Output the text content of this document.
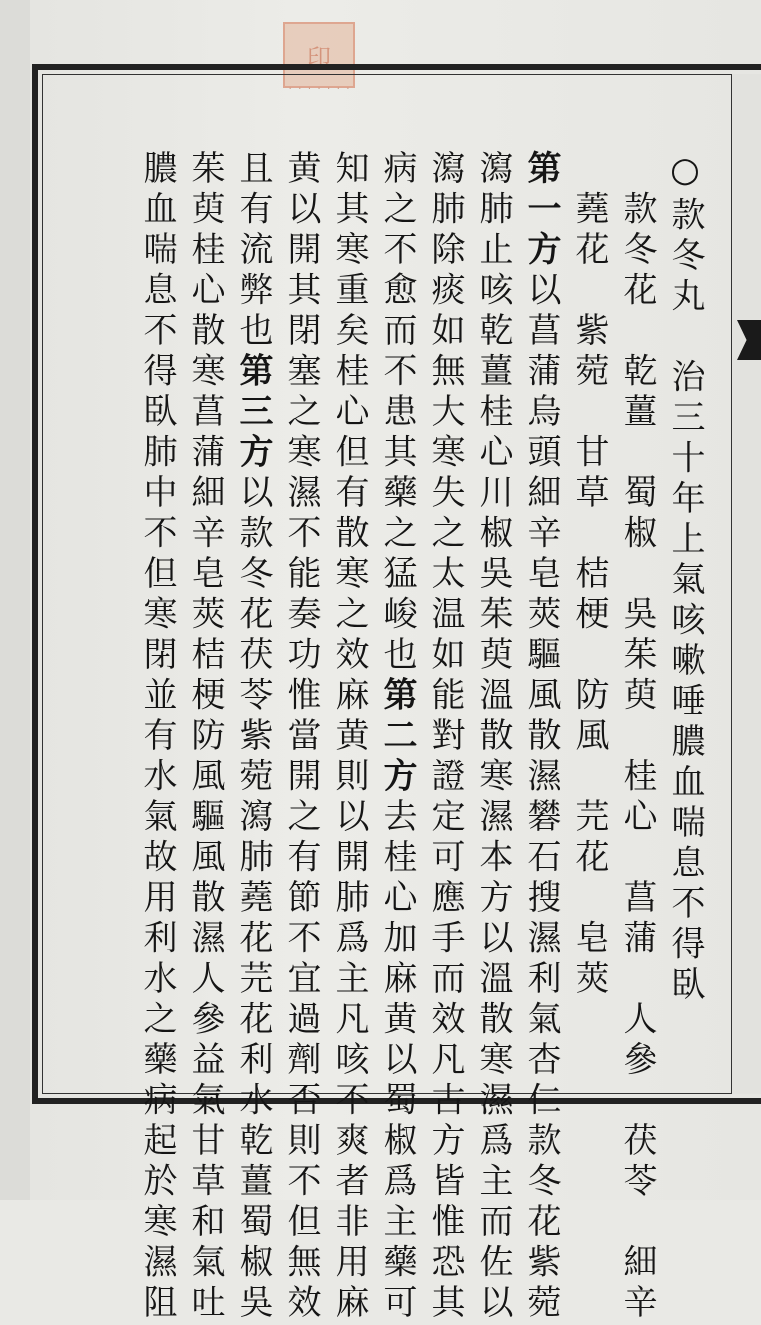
印
· · · · · · ·

○款冬丸　治三十年上氣咳嗽唾膿血喘息不得臥
　款冬花　乾薑　蜀椒　吳茱萸　桂心　菖蒲　人參　茯苓　細辛
　蕘花　紫菀　甘草　桔梗　防風　芫花　皂莢
第一方以菖蒲烏頭細辛皂莢驅風散濕礬石搜濕利氣杏仁款冬花紫菀
瀉肺止咳乾薑桂心川椒吳茱萸溫散寒濕本方以溫散寒濕爲主而佐以
瀉肺除痰如無大寒失之太温如能對證定可應手而效凡古方皆惟恐其
病之不愈而不患其藥之猛峻也第二方去桂心加麻黄以蜀椒爲主藥可
知其寒重矣桂心但有散寒之效麻黄則以開肺爲主凡咳不爽者非用麻
黄以開其閉塞之寒濕不能奏功惟當開之有節不宜過劑否則不但無效
且有流弊也第三方以款冬花茯苓紫菀瀉肺蕘花芫花利水乾薑蜀椒吳
茱萸桂心散寒菖蒲細辛皂莢桔梗防風驅風散濕人參益氣甘草和氣吐
膿血喘息不得臥肺中不但寒閉並有水氣故用利水之藥病起於寒濕阻
